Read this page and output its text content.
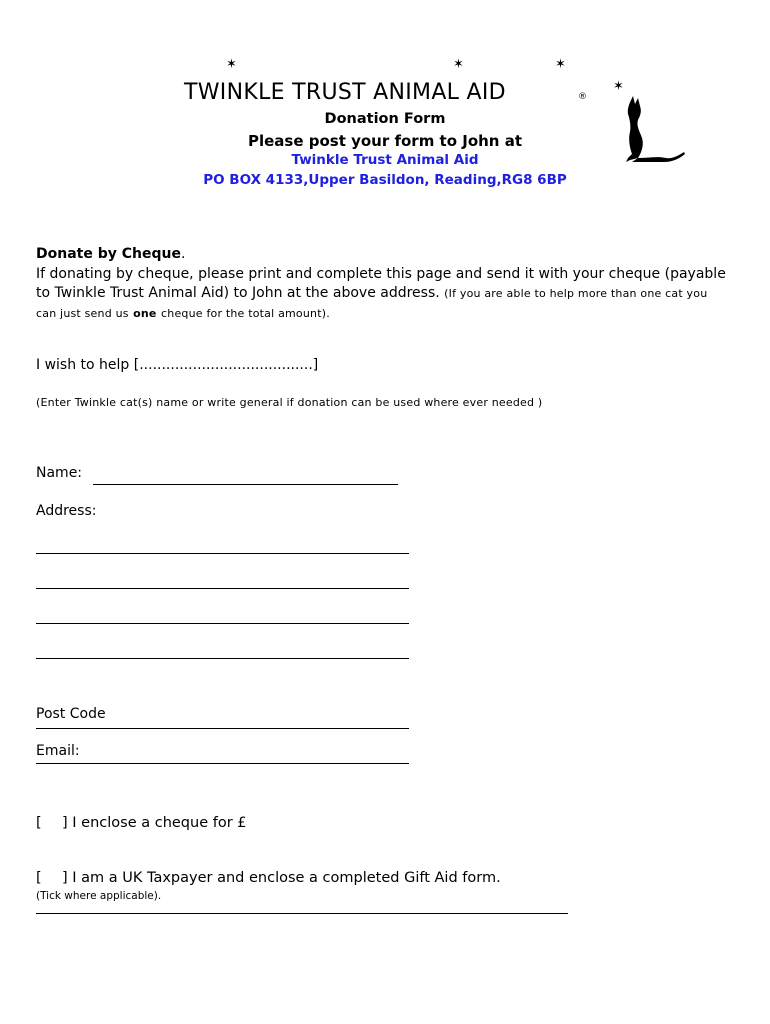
✶	✶	✶
✶
TWINKLE TRUST ANIMAL AID	®
Donation Form
Please post your form to John at
Twinkle Trust Animal Aid
PO BOX 4133,Upper Basildon, Reading,RG8 6BP
Donate by Cheque.
If donating by cheque, please print and complete this page and send it with your cheque (payable to Twinkle Trust Animal Aid) to John at the above address. (If you are able to help more than one cat you can just send us one cheque for the total amount).
I wish to help [.......................................]
(Enter Twinkle cat(s) name or write general if donation can be used where ever needed )
Name:
Address:
Post Code
Email:
[ ] I enclose a cheque for £
[ ] I am a UK Taxpayer and enclose a completed Gift Aid form.
(Tick where applicable).
